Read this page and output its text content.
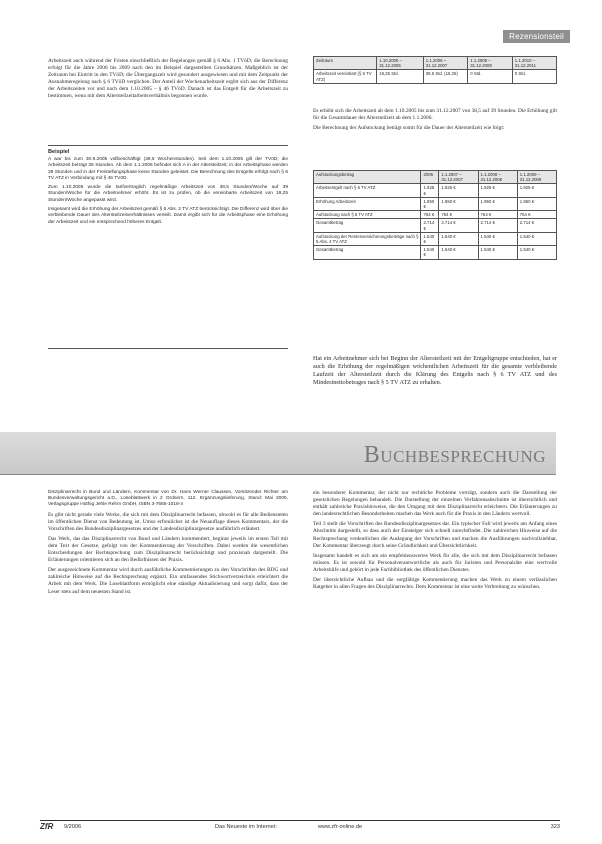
Rezensionsteil

Arbeitszeit auch während der Fristen einschließlich der Regelungen gemäß § 6 Abs. 1 TVöD; die Berechnung erfolgt für die Jahre 2006 bis 2009 nach den im Beispiel dargestellten Grundsätzen. Maßgeblich ist der Zeitraum bei Eintritt in den TVöD; die Übergangszeit wird gesondert ausgewiesen und mit dem Zeitpunkt der Ausnahmeregelung nach § 6 TVöD verglichen. Der Anteil der Wochenarbeitszeit ergibt sich aus der Differenz der Arbeitszeiten vor und nach dem 1.10.2005 – § 46 TVöD. Danach ist das Entgelt für die Arbeitszeit zu bestimmen, wenn mit dem Altersteilzeitarbeitsverhältnis begonnen wurde.

Beispiel

A war bis zum 30.9.2005 vollbeschäftigt (38,5 Wochenstunden). Seit dem 1.10.2005 gilt der TVöD; die Arbeitszeit beträgt 39 Stunden. Ab dem 1.1.2006 befindet sich A in der Altersteilzeit; in der Arbeitsphase werden 39 Stunden und in der Freistellungsphase keine Stunden geleistet. Die Berechnung des Entgelts erfolgt nach § 6 TV ATZ in Verbindung mit § 46 TVöD.

Zum 1.10.2005 wurde die tarifvertraglich regelmäßige Arbeitszeit von 38,5 Stunden/Woche auf 39 Stunden/Woche für die Arbeitnehmer erhöht. Es ist zu prüfen, ob die vereinbarte Arbeitszeit von 19,25 Stunden/Woche angepasst wird.

Insgesamt wird die Erhöhung der Arbeitszeit gemäß § 6 Abs. 2 TV ATZ berücksichtigt. Die Differenz wird über die verbleibende Dauer des Altersteilzeitverhältnisses verteilt. Damit ergibt sich für die Arbeitsphase eine Erhöhung der Arbeitszeit und ein entsprechend höheres Entgelt.

Zeitraum	1.10.2005 – 31.12.2005	1.1.2006 – 31.12.2007	1.1.2008 – 31.12.2009	1.1.2010 – 31.12.2011
Arbeitszeit vereinbart (§ 6 TV ATZ)	19,25 Std.	38,5 Std. (19,25)	0 Std.	0 Std.

Es erhöht sich die Arbeitszeit ab dem 1.10.2005 bis zum 31.12.2007 von 38,5 auf 39 Stunden. Die Erhöhung gilt für die Gesamtdauer der Altersteilzeit ab dem 1.1.2006.

Die Berechnung der Aufstockung beträgt somit für die Dauer der Altersteilzeit wie folgt:

Aufstockungsbetrag	2006	1.1.2007 – 31.12.2007	1.1.2008 – 31.12.2008	1.1.2009 – 31.12.2009
Arbeitsentgelt nach § 6 TV ATZ	1.925 €	1.925 €	1.925 €	1.925 €
Erhöhung Arbeitszeit	1.950 €	1.950 €	1.950 €	1.950 €
Aufstockung nach § 5 TV ATZ	764 €	764 €	764 €	764 €
Gesamtbetrag	2.714 €	2.714 €	2.714 €	2.714 €
Aufstockung der Rentenversicherungsbeiträge nach § 5 Abs. 4 TV ATZ	1.540 €	1.540 €	1.540 €	1.540 €
Gesamtbetrag	1.540 €	1.540 €	1.540 €	1.540 €

Hat ein Arbeitnehmer sich bei Beginn der Altersteilzeit mit der Entgeltgruppe entschieden, hat er auch die Erhöhung der regelmäßigen wöchentlichen Arbeitszeit für die gesamte verbleibende Laufzeit der Altersteilzeit durch die Klärung des Entgelts nach § 6 TV ATZ und des Mindestnettobetrages nach § 5 TV ATZ zu erhalten.

Buchbesprechung

Disziplinarrecht in Bund und Ländern, Kommentar von Dr. Hans Werner Claussen, Vorsitzender Richter am Bundesverwaltungsgericht a.D., Loseblattwerk in 2 Ordnern, 112. Ergänzungslieferung, Stand: Mai 2006, Verlagsgruppe Hüthig Jehle Rehm GmbH, ISBN 3-7685-1018-4

Es gibt nicht gerade viele Werke, die sich mit dem Disziplinarrecht befassen, obwohl es für alle Bediensteten im öffentlichen Dienst von Bedeutung ist. Umso erfreulicher ist die Neuauflage dieses Kommentars, der die Vorschriften des Bundesdisziplinargesetzes und der Landesdisziplinargesetze ausführlich erläutert.

Das Werk, das das Disziplinarrecht von Bund und Ländern kommentiert, beginnt jeweils im ersten Teil mit dem Text der Gesetze, gefolgt von der Kommentierung der Vorschriften. Dabei werden die wesentlichen Entscheidungen der Rechtsprechung zum Disziplinarrecht berücksichtigt und praxisnah dargestellt. Die Erläuterungen orientieren sich an den Bedürfnissen der Praxis.

Der ausgezeichnete Kommentar wird durch ausführliche Kommentierungen zu den Vorschriften des BDG und zahlreiche Hinweise auf die Rechtsprechung ergänzt. Ein umfassendes Stichwortverzeichnis erleichtert die Arbeit mit dem Werk. Die Loseblattform ermöglicht eine ständige Aktualisierung und sorgt dafür, dass der Leser stets auf dem neuesten Stand ist.

ein besonderer Kommentar, der nicht nur rechtliche Probleme vorträgt, sondern auch die Darstellung der gesetzlichen Regelungen behandelt. Die Darstellung der einzelnen Verfahrensabschnitte ist übersichtlich und enthält zahlreiche Praxishinweise, die den Umgang mit dem Disziplinarrecht erleichtern. Die Erläuterungen zu den landesrechtlichen Besonderheiten machen das Werk auch für die Praxis in den Ländern wertvoll.

Teil 3 stellt die Vorschriften des Bundesdisziplinargesetzes dar. Ein typischer Fall wird jeweils am Anfang eines Abschnitts dargestellt, so dass auch der Einsteiger sich schnell zurechtfindet. Die zahlreichen Hinweise auf die Rechtsprechung verdeutlichen die Auslegung der Vorschriften und machen die Ausführungen nachvollziehbar. Der Kommentar überzeugt durch seine Gründlichkeit und Übersichtlichkeit.

Insgesamt handelt es sich um ein empfehlenswertes Werk für alle, die sich mit dem Disziplinarrecht befassen müssen. Es ist sowohl für Personalverantwortliche als auch für Juristen und Personalräte eine wertvolle Arbeitshilfe und gehört in jede Fachbibliothek des öffentlichen Dienstes.

Der übersichtliche Aufbau und die sorgfältige Kommentierung machen das Werk zu einem verlässlichen Ratgeber in allen Fragen des Disziplinarrechts. Dem Kommentar ist eine weite Verbreitung zu wünschen.

ZfR 9/2006	Das Neueste im Internet:	www.zfr-online.de	323
